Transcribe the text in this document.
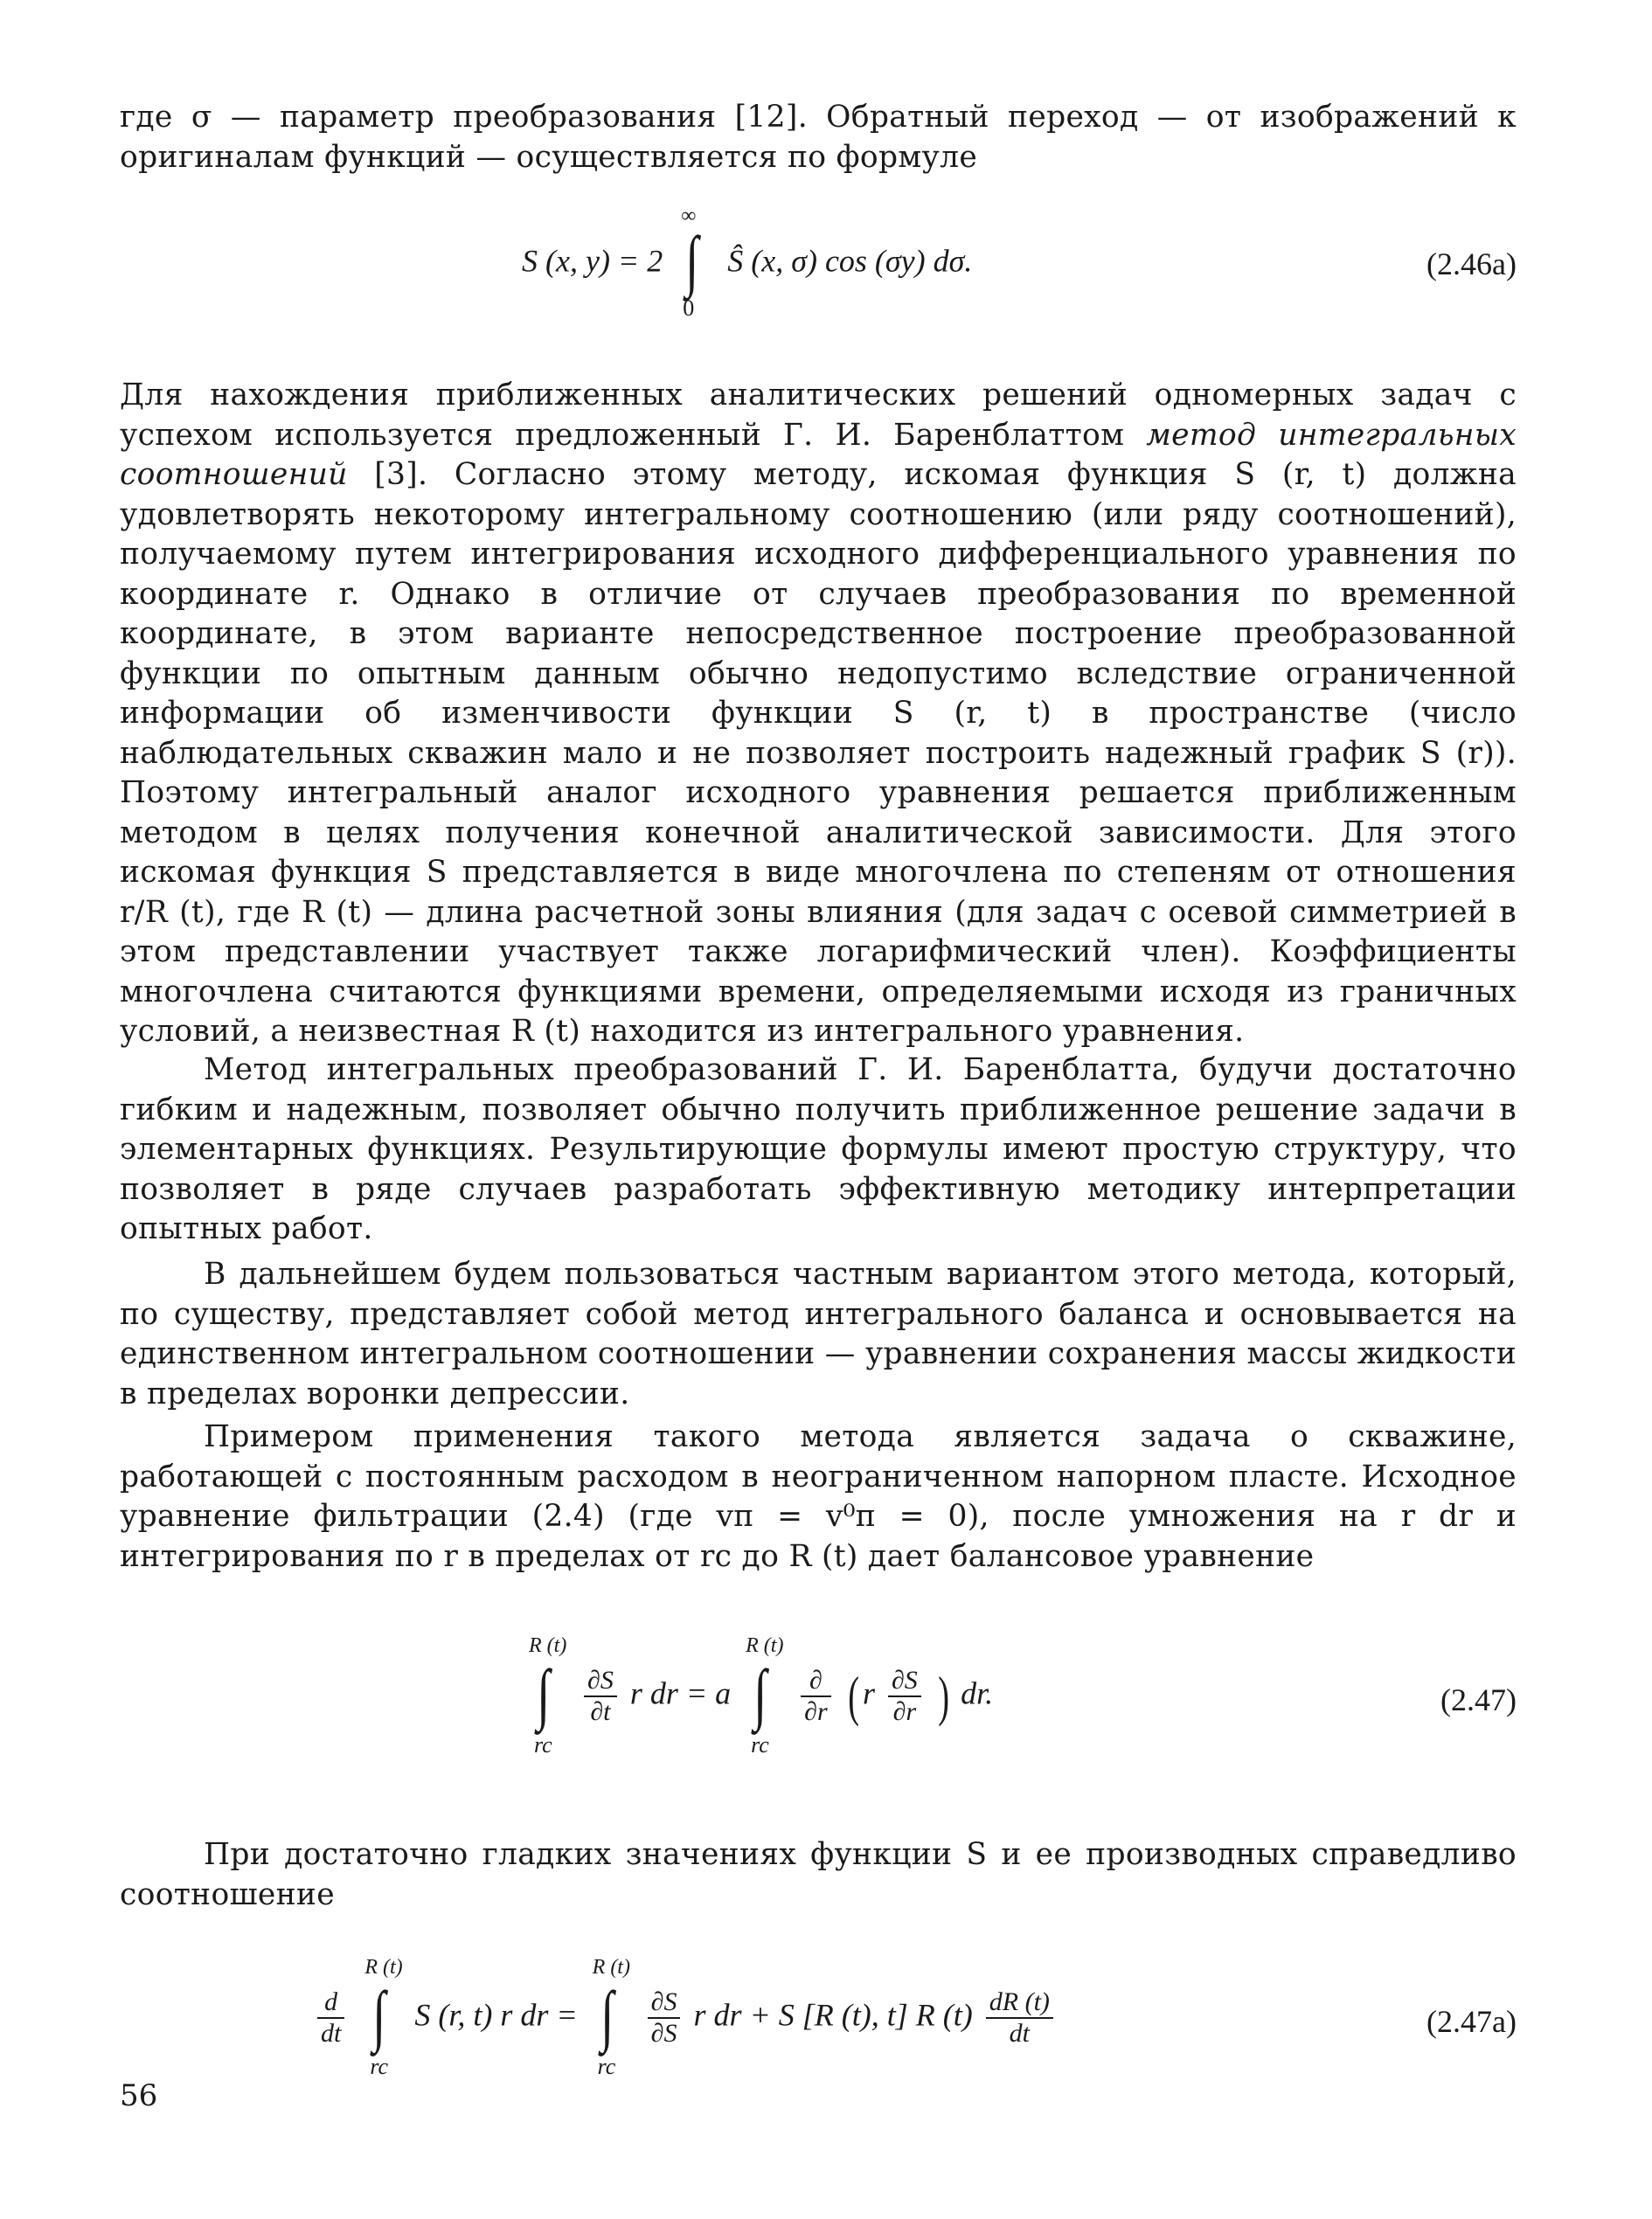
где σ — параметр преобразования [12]. Обратный переход — от изображений к оригиналам функций — осуществляется по формуле

S (x, y) = 2
∞
∫
0
Ŝ (x, σ) cos (σy) dσ.	(2.46а)

Для нахождения приближенных аналитических решений одномерных задач с успехом используется предложенный Г. И. Баренблаттом метод интегральных соотношений [3]. Согласно этому методу, искомая функция S (r, t) должна удовлетворять некоторому интегральному соотношению (или ряду соотношений), получаемому путем интегрирования исходного дифференциального уравнения по координате r. Однако в отличие от случаев преобразования по временной координате, в этом варианте непосредственное построение преобразованной функции по опытным данным обычно недопустимо вследствие ограниченной информации об изменчивости функции S (r, t) в пространстве (число наблюдательных скважин мало и не позволяет построить надежный график S (r)). Поэтому интегральный аналог исходного уравнения решается приближенным методом в целях получения конечной аналитической зависимости. Для этого искомая функция S представляется в виде многочлена по степеням от отношения r/R (t), где R (t) — длина расчетной зоны влияния (для задач с осевой симметрией в этом представлении участвует также логарифмический член). Коэффициенты многочлена считаются функциями времени, определяемыми исходя из граничных условий, а неизвестная R (t) находится из интегрального уравнения.

Метод интегральных преобразований Г. И. Баренблатта, будучи достаточно гибким и надежным, позволяет обычно получить приближенное решение задачи в элементарных функциях. Результирующие формулы имеют простую структуру, что позволяет в ряде случаев разработать эффективную методику интерпретации опытных работ.

В дальнейшем будем пользоваться частным вариантом этого метода, который, по существу, представляет собой метод интегрального баланса и основывается на единственном интегральном соотношении — уравнении сохранения массы жидкости в пределах воронки депрессии.

Примером применения такого метода является задача о скважине, работающей с постоянным расходом в неограниченном напорном пласте. Исходное уравнение фильтрации (2.4) (где vп = v⁰п = 0), после умножения на r dr и интегрирования по r в пределах от rc до R (t) дает балансовое уравнение

R (t)
∫
rc

$\frac{\partial S}{\partial t}$ r dr = a
R (t)
∫
rc

$\frac{\partial}{\partial r}$ ( r $\frac{\partial S}{\partial r}$ ) dr.	(2.47)

При достаточно гладких значениях функции S и ее производных справедливо соотношение

$\frac{d}{dt}$

R (t)
∫
rc
S (r, t) r dr =
R (t)
∫
rc

$\frac{\partial S}{\partial S}$ r dr + S [R (t), t] R $(t) \frac{dR (t)}{dt}$	(2.47а)
56
